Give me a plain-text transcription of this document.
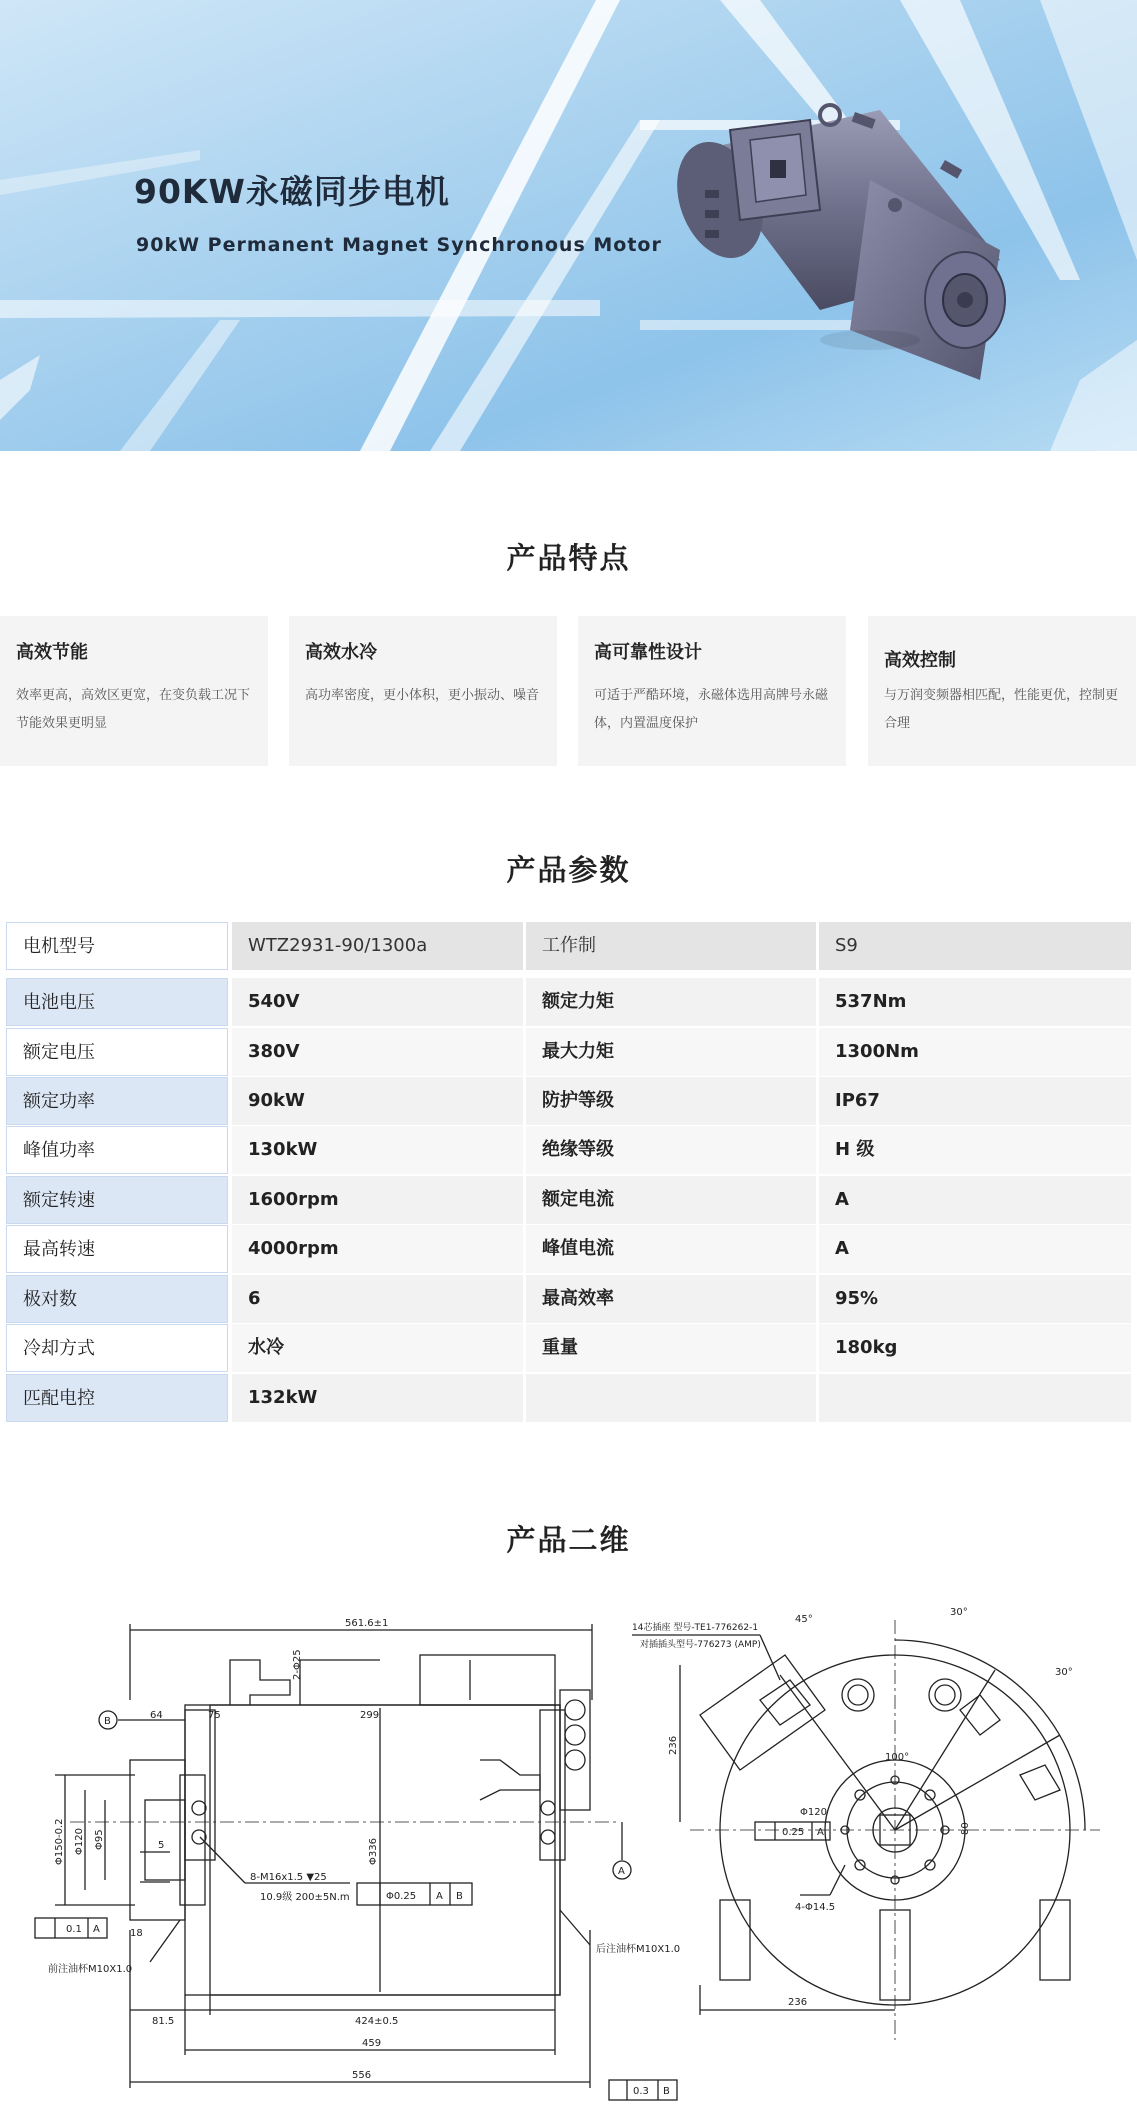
90KW永磁同步电机
90kW Permanent Magnet Synchronous Motor
产品特点
高效节能
效率更高，高效区更宽，在变负载工况下节能效果更明显
高效水冷
高功率密度，更小体积，更小振动、噪音
高可靠性设计
可适于严酷环境，永磁体选用高牌号永磁体，内置温度保护
高效控制
与万润变频器相匹配，性能更优，控制更合理
产品参数
电机型号	WTZ2931-90/1300a	工作制	S9
电池电压	540V	额定力矩	537Nm
额定电压	380V	最大力矩	1300Nm
额定功率	90kW	防护等级	IP67
峰值功率	130kW	绝缘等级	H 级
额定转速	1600rpm	额定电流	A
最高转速	4000rpm	峰值电流	A
极对数	6	最高效率	95%
冷却方式	水冷	重量	180kg
匹配电控	132kW
产品二维
561.6±1
64	75	299
2-Φ25
Φ336
Φ150-0.2 Φ120 Φ95	5
18
81.5	424±0.5
459
556
0.1
Φ0.25
0.3
8-M16x1.5 ▼25
10.9级 200±5N.m
前注油杯M10X1.0
后注油杯M10X1.0
B
A
A B
A
B
14芯插座 型号-TE1-776262-1
对插插头型号-776273 (AMP)
45°
30°
30°
236
236
100°
Φ120
0.25 A
4-Φ14.5
80
